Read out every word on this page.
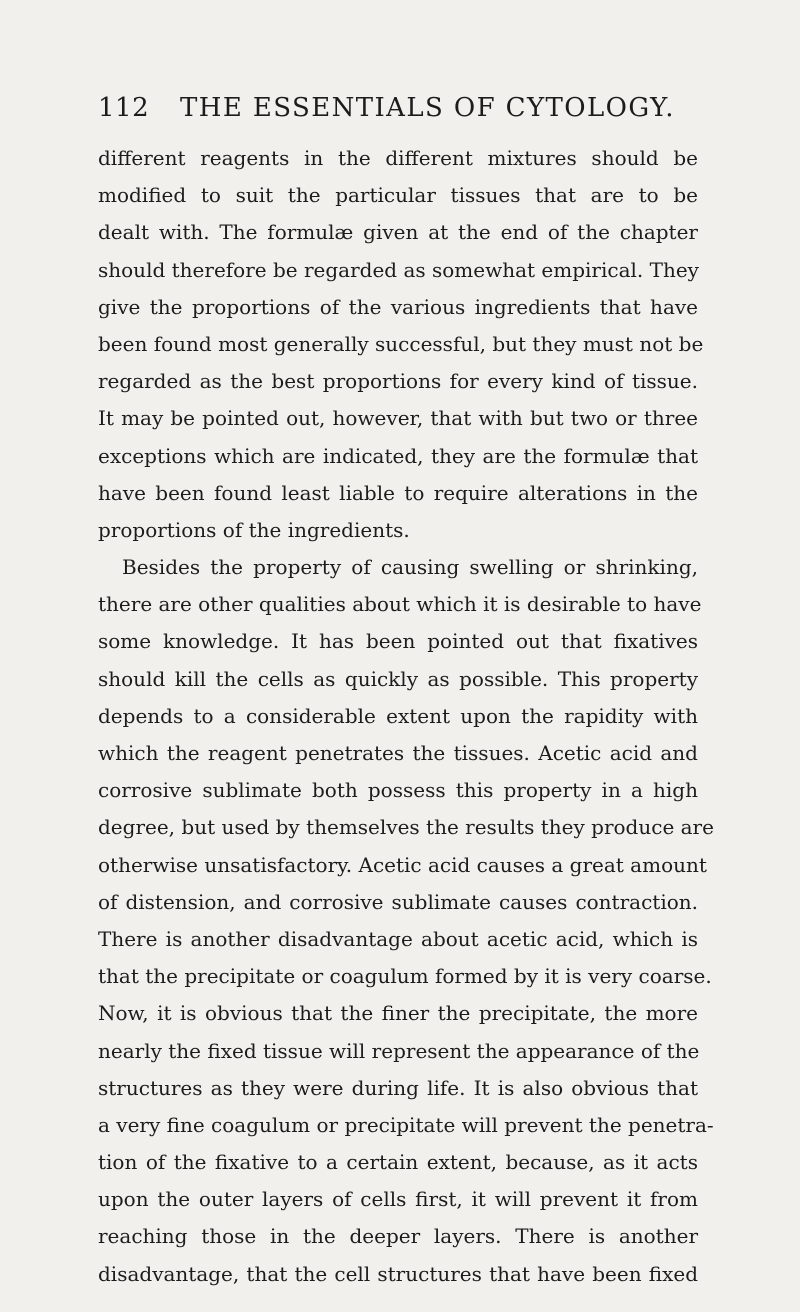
112 THE ESSENTIALS OF CYTOLOGY.
different reagents in the different mixtures should be
modified to suit the particular tissues that are to be
dealt with. The formulæ given at the end of the chapter
should therefore be regarded as somewhat empirical. They
give the proportions of the various ingredients that have
been found most generally successful, but they must not be
regarded as the best proportions for every kind of tissue.
It may be pointed out, however, that with but two or three
exceptions which are indicated, they are the formulæ that
have been found least liable to require alterations in the
proportions of the ingredients.
Besides the property of causing swelling or shrinking,
there are other qualities about which it is desirable to have
some knowledge. It has been pointed out that fixatives
should kill the cells as quickly as possible. This property
depends to a considerable extent upon the rapidity with
which the reagent penetrates the tissues. Acetic acid and
corrosive sublimate both possess this property in a high
degree, but used by themselves the results they produce are
otherwise unsatisfactory. Acetic acid causes a great amount
of distension, and corrosive sublimate causes contraction.
There is another disadvantage about acetic acid, which is
that the precipitate or coagulum formed by it is very coarse.
Now, it is obvious that the finer the precipitate, the more
nearly the fixed tissue will represent the appearance of the
structures as they were during life. It is also obvious that
a very fine coagulum or precipitate will prevent the penetra-
tion of the fixative to a certain extent, because, as it acts
upon the outer layers of cells first, it will prevent it from
reaching those in the deeper layers. There is another
disadvantage, that the cell structures that have been fixed
